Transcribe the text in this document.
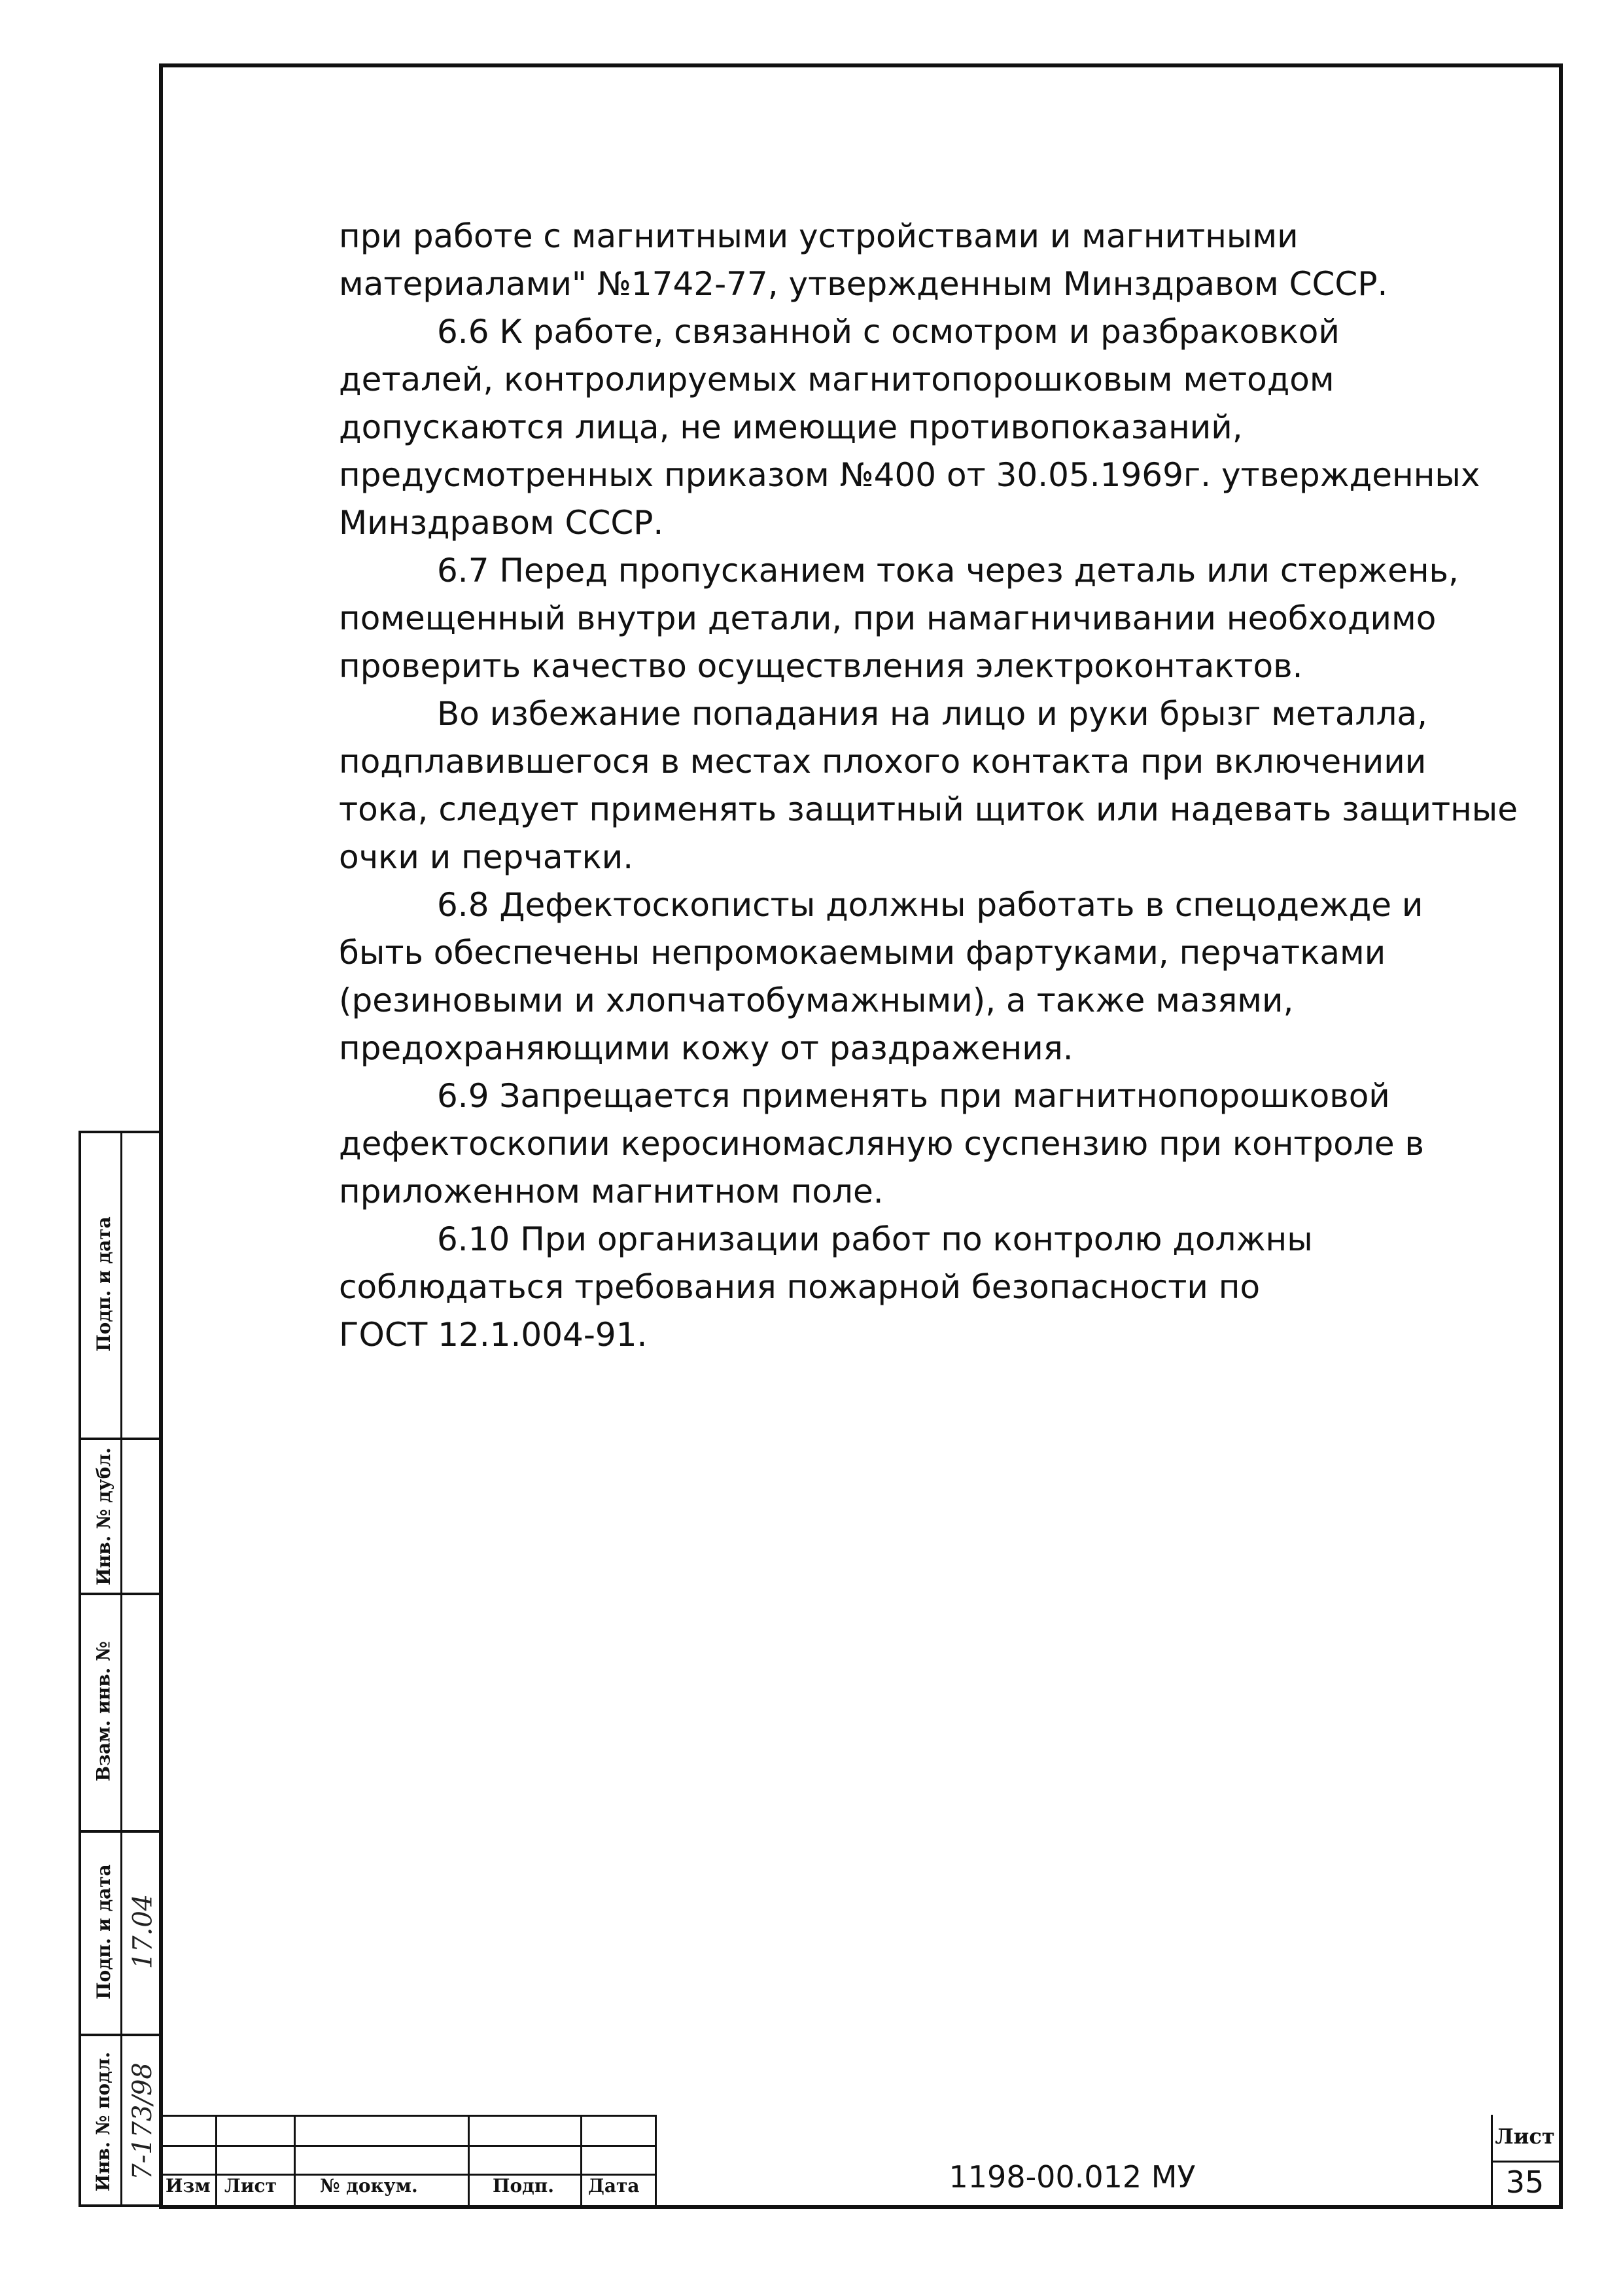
при работе с магнитными устройствами и магнитными

материалами" №1742-77, утвержденным Минздравом СССР.

6.6 К работе, связанной с осмотром и разбраковкой

деталей, контролируемых магнитопорошковым методом

допускаются лица, не имеющие противопоказаний,

предусмотренных приказом №400 от 30.05.1969г. утвержденных

Минздравом СССР.

6.7 Перед пропусканием тока через деталь или стержень,

помещенный внутри детали, при намагничивании необходимо

проверить качество осуществления электроконтактов.

Во избежание попадания на лицо и руки брызг металла,

подплавившегося в местах плохого контакта при включениии

тока, следует применять защитный щиток или надевать защитные

очки и перчатки.

6.8 Дефектоскописты должны работать в спецодежде и

быть обеспечены непромокаемыми фартуками, перчатками

(резиновыми и хлопчатобумажными), а также мазями,

предохраняющими кожу от раздражения.

6.9 Запрещается применять при магнитнопорошковой

дефектоскопии керосиномасляную суспензию при контроле в

приложенном магнитном поле.

6.10 При организации работ по контролю должны

соблюдаться требования пожарной безопасности по

ГОСТ 12.1.004-91.

Подп. и дата
Инв. № дубл.
Взам. инв. №
Подп. и дата
Инв. № подл.
17.04
7-173/98
Изм Лист № докум.	Подп. Дата	1198-00.012 МУ
Лист
35
